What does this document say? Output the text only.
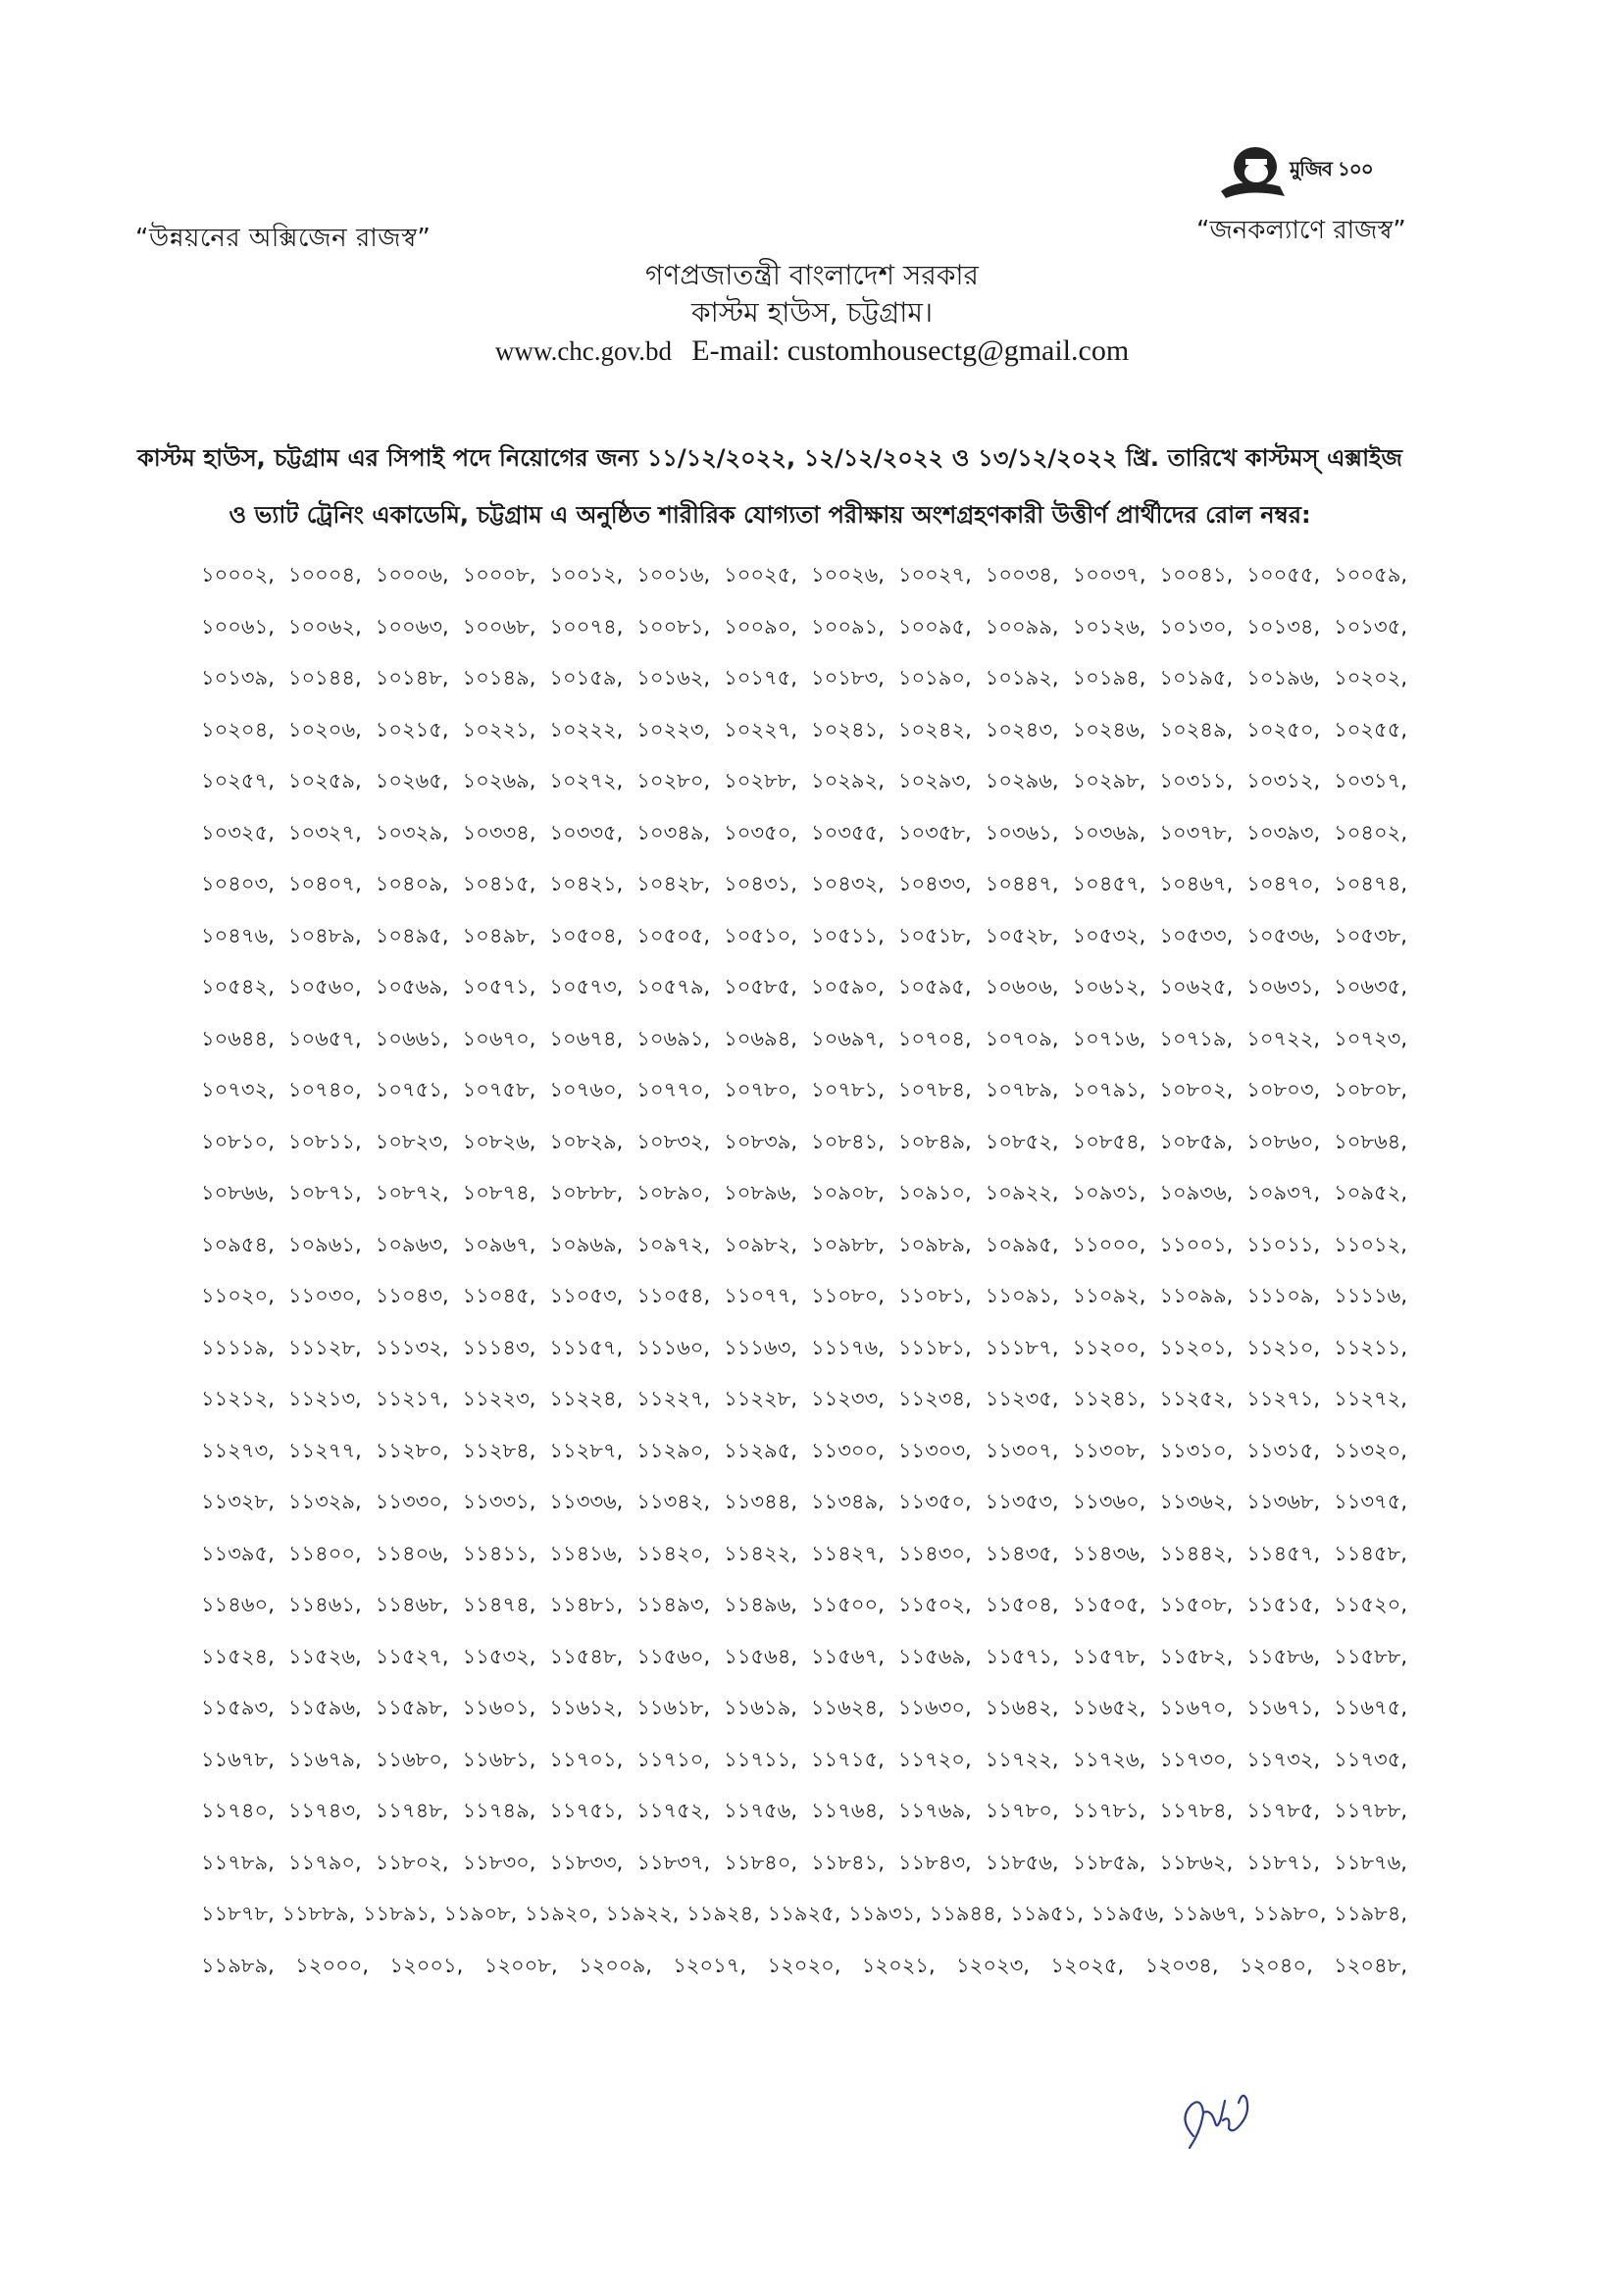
“উন্নয়নের অক্সিজেন রাজস্ব”
মুজিব ১০০
“জনকল্যাণে রাজস্ব”
গণপ্রজাতন্ত্রী বাংলাদেশ সরকার
কাস্টম হাউস, চট্টগ্রাম।
www.chc.gov.bd E-mail: customhousectg@gmail.com
কাস্টম হাউস, চট্টগ্রাম এর সিপাই পদে নিয়োগের জন্য ১১/১২/২০২২, ১২/১২/২০২২ ও ১৩/১২/২০২২ খ্রি. তারিখে কাস্টমস্ এক্সাইজ ও ভ্যাট ট্রেনিং একাডেমি, চট্টগ্রাম এ অনুষ্ঠিত শারীরিক যোগ্যতা পরীক্ষায় অংশগ্রহণকারী উত্তীর্ণ প্রার্থীদের রোল নম্বর:
১০০০২, ১০০০৪, ১০০০৬, ১০০০৮, ১০০১২, ১০০১৬, ১০০২৫, ১০০২৬, ১০০২৭, ১০০৩৪, ১০০৩৭, ১০০৪১, ১০০৫৫, ১০০৫৯, ১০০৬১, ১০০৬২, ১০০৬৩, ১০০৬৮, ১০০৭৪, ১০০৮১, ১০০৯০, ১০০৯১, ১০০৯৫, ১০০৯৯, ১০১২৬, ১০১৩০, ১০১৩৪, ১০১৩৫, ১০১৩৯, ১০১৪৪, ১০১৪৮, ১০১৪৯, ১০১৫৯, ১০১৬২, ১০১৭৫, ১০১৮৩, ১০১৯০, ১০১৯২, ১০১৯৪, ১০১৯৫, ১০১৯৬, ১০২০২, ১০২০৪, ১০২০৬, ১০২১৫, ১০২২১, ১০২২২, ১০২২৩, ১০২২৭, ১০২৪১, ১০২৪২, ১০২৪৩, ১০২৪৬, ১০২৪৯, ১০২৫০, ১০২৫৫, ১০২৫৭, ১০২৫৯, ১০২৬৫, ১০২৬৯, ১০২৭২, ১০২৮০, ১০২৮৮, ১০২৯২, ১০২৯৩, ১০২৯৬, ১০২৯৮, ১০৩১১, ১০৩১২, ১০৩১৭, ১০৩২৫, ১০৩২৭, ১০৩২৯, ১০৩৩৪, ১০৩৩৫, ১০৩৪৯, ১০৩৫০, ১০৩৫৫, ১০৩৫৮, ১০৩৬১, ১০৩৬৯, ১০৩৭৮, ১০৩৯৩, ১০৪০২, ১০৪০৩, ১০৪০৭, ১০৪০৯, ১০৪১৫, ১০৪২১, ১০৪২৮, ১০৪৩১, ১০৪৩২, ১০৪৩৩, ১০৪৪৭, ১০৪৫৭, ১০৪৬৭, ১০৪৭০, ১০৪৭৪, ১০৪৭৬, ১০৪৮৯, ১০৪৯৫, ১০৪৯৮, ১০৫০৪, ১০৫০৫, ১০৫১০, ১০৫১১, ১০৫১৮, ১০৫২৮, ১০৫৩২, ১০৫৩৩, ১০৫৩৬, ১০৫৩৮, ১০৫৪২, ১০৫৬০, ১০৫৬৯, ১০৫৭১, ১০৫৭৩, ১০৫৭৯, ১০৫৮৫, ১০৫৯০, ১০৫৯৫, ১০৬০৬, ১০৬১২, ১০৬২৫, ১০৬৩১, ১০৬৩৫, ১০৬৪৪, ১০৬৫৭, ১০৬৬১, ১০৬৭০, ১০৬৭৪, ১০৬৯১, ১০৬৯৪, ১০৬৯৭, ১০৭০৪, ১০৭০৯, ১০৭১৬, ১০৭১৯, ১০৭২২, ১০৭২৩, ১০৭৩২, ১০৭৪০, ১০৭৫১, ১০৭৫৮, ১০৭৬০, ১০৭৭০, ১০৭৮০, ১০৭৮১, ১০৭৮৪, ১০৭৮৯, ১০৭৯১, ১০৮০২, ১০৮০৩, ১০৮০৮, ১০৮১০, ১০৮১১, ১০৮২৩, ১০৮২৬, ১০৮২৯, ১০৮৩২, ১০৮৩৯, ১০৮৪১, ১০৮৪৯, ১০৮৫২, ১০৮৫৪, ১০৮৫৯, ১০৮৬০, ১০৮৬৪, ১০৮৬৬, ১০৮৭১, ১০৮৭২, ১০৮৭৪, ১০৮৮৮, ১০৮৯০, ১০৮৯৬, ১০৯০৮, ১০৯১০, ১০৯২২, ১০৯৩১, ১০৯৩৬, ১০৯৩৭, ১০৯৫২, ১০৯৫৪, ১০৯৬১, ১০৯৬৩, ১০৯৬৭, ১০৯৬৯, ১০৯৭২, ১০৯৮২, ১০৯৮৮, ১০৯৮৯, ১০৯৯৫, ১১০০০, ১১০০১, ১১০১১, ১১০১২, ১১০২০, ১১০৩০, ১১০৪৩, ১১০৪৫, ১১০৫৩, ১১০৫৪, ১১০৭৭, ১১০৮০, ১১০৮১, ১১০৯১, ১১০৯২, ১১০৯৯, ১১১০৯, ১১১১৬, ১১১১৯, ১১১২৮, ১১১৩২, ১১১৪৩, ১১১৫৭, ১১১৬০, ১১১৬৩, ১১১৭৬, ১১১৮১, ১১১৮৭, ১১২০০, ১১২০১, ১১২১০, ১১২১১, ১১২১২, ১১২১৩, ১১২১৭, ১১২২৩, ১১২২৪, ১১২২৭, ১১২২৮, ১১২৩৩, ১১২৩৪, ১১২৩৫, ১১২৪১, ১১২৫২, ১১২৭১, ১১২৭২, ১১২৭৩, ১১২৭৭, ১১২৮০, ১১২৮৪, ১১২৮৭, ১১২৯০, ১১২৯৫, ১১৩০০, ১১৩০৩, ১১৩০৭, ১১৩০৮, ১১৩১০, ১১৩১৫, ১১৩২০, ১১৩২৮, ১১৩২৯, ১১৩৩০, ১১৩৩১, ১১৩৩৬, ১১৩৪২, ১১৩৪৪, ১১৩৪৯, ১১৩৫০, ১১৩৫৩, ১১৩৬০, ১১৩৬২, ১১৩৬৮, ১১৩৭৫, ১১৩৯৫, ১১৪০০, ১১৪০৬, ১১৪১১, ১১৪১৬, ১১৪২০, ১১৪২২, ১১৪২৭, ১১৪৩০, ১১৪৩৫, ১১৪৩৬, ১১৪৪২, ১১৪৫৭, ১১৪৫৮, ১১৪৬০, ১১৪৬১, ১১৪৬৮, ১১৪৭৪, ১১৪৮১, ১১৪৯৩, ১১৪৯৬, ১১৫০০, ১১৫০২, ১১৫০৪, ১১৫০৫, ১১৫০৮, ১১৫১৫, ১১৫২০, ১১৫২৪, ১১৫২৬, ১১৫২৭, ১১৫৩২, ১১৫৪৮, ১১৫৬০, ১১৫৬৪, ১১৫৬৭, ১১৫৬৯, ১১৫৭১, ১১৫৭৮, ১১৫৮২, ১১৫৮৬, ১১৫৮৮, ১১৫৯৩, ১১৫৯৬, ১১৫৯৮, ১১৬০১, ১১৬১২, ১১৬১৮, ১১৬১৯, ১১৬২৪, ১১৬৩০, ১১৬৪২, ১১৬৫২, ১১৬৭০, ১১৬৭১, ১১৬৭৫, ১১৬৭৮, ১১৬৭৯, ১১৬৮০, ১১৬৮১, ১১৭০১, ১১৭১০, ১১৭১১, ১১৭১৫, ১১৭২০, ১১৭২২, ১১৭২৬, ১১৭৩০, ১১৭৩২, ১১৭৩৫, ১১৭৪০, ১১৭৪৩, ১১৭৪৮, ১১৭৪৯, ১১৭৫১, ১১৭৫২, ১১৭৫৬, ১১৭৬৪, ১১৭৬৯, ১১৭৮০, ১১৭৮১, ১১৭৮৪, ১১৭৮৫, ১১৭৮৮, ১১৭৮৯, ১১৭৯০, ১১৮০২, ১১৮৩০, ১১৮৩৩, ১১৮৩৭, ১১৮৪০, ১১৮৪১, ১১৮৪৩, ১১৮৫৬, ১১৮৫৯, ১১৮৬২, ১১৮৭১, ১১৮৭৬, ১১৮৭৮, ১১৮৮৯, ১১৮৯১, ১১৯০৮, ১১৯২০, ১১৯২২, ১১৯২৪, ১১৯২৫, ১১৯৩১, ১১৯৪৪, ১১৯৫১, ১১৯৫৬, ১১৯৬৭, ১১৯৮০, ১১৯৮৪, ১১৯৮৯, ১২০০০, ১২০০১, ১২০০৮, ১২০০৯, ১২০১৭, ১২০২০, ১২০২১, ১২০২৩, ১২০২৫, ১২০৩৪, ১২০৪০, ১২০৪৮,
